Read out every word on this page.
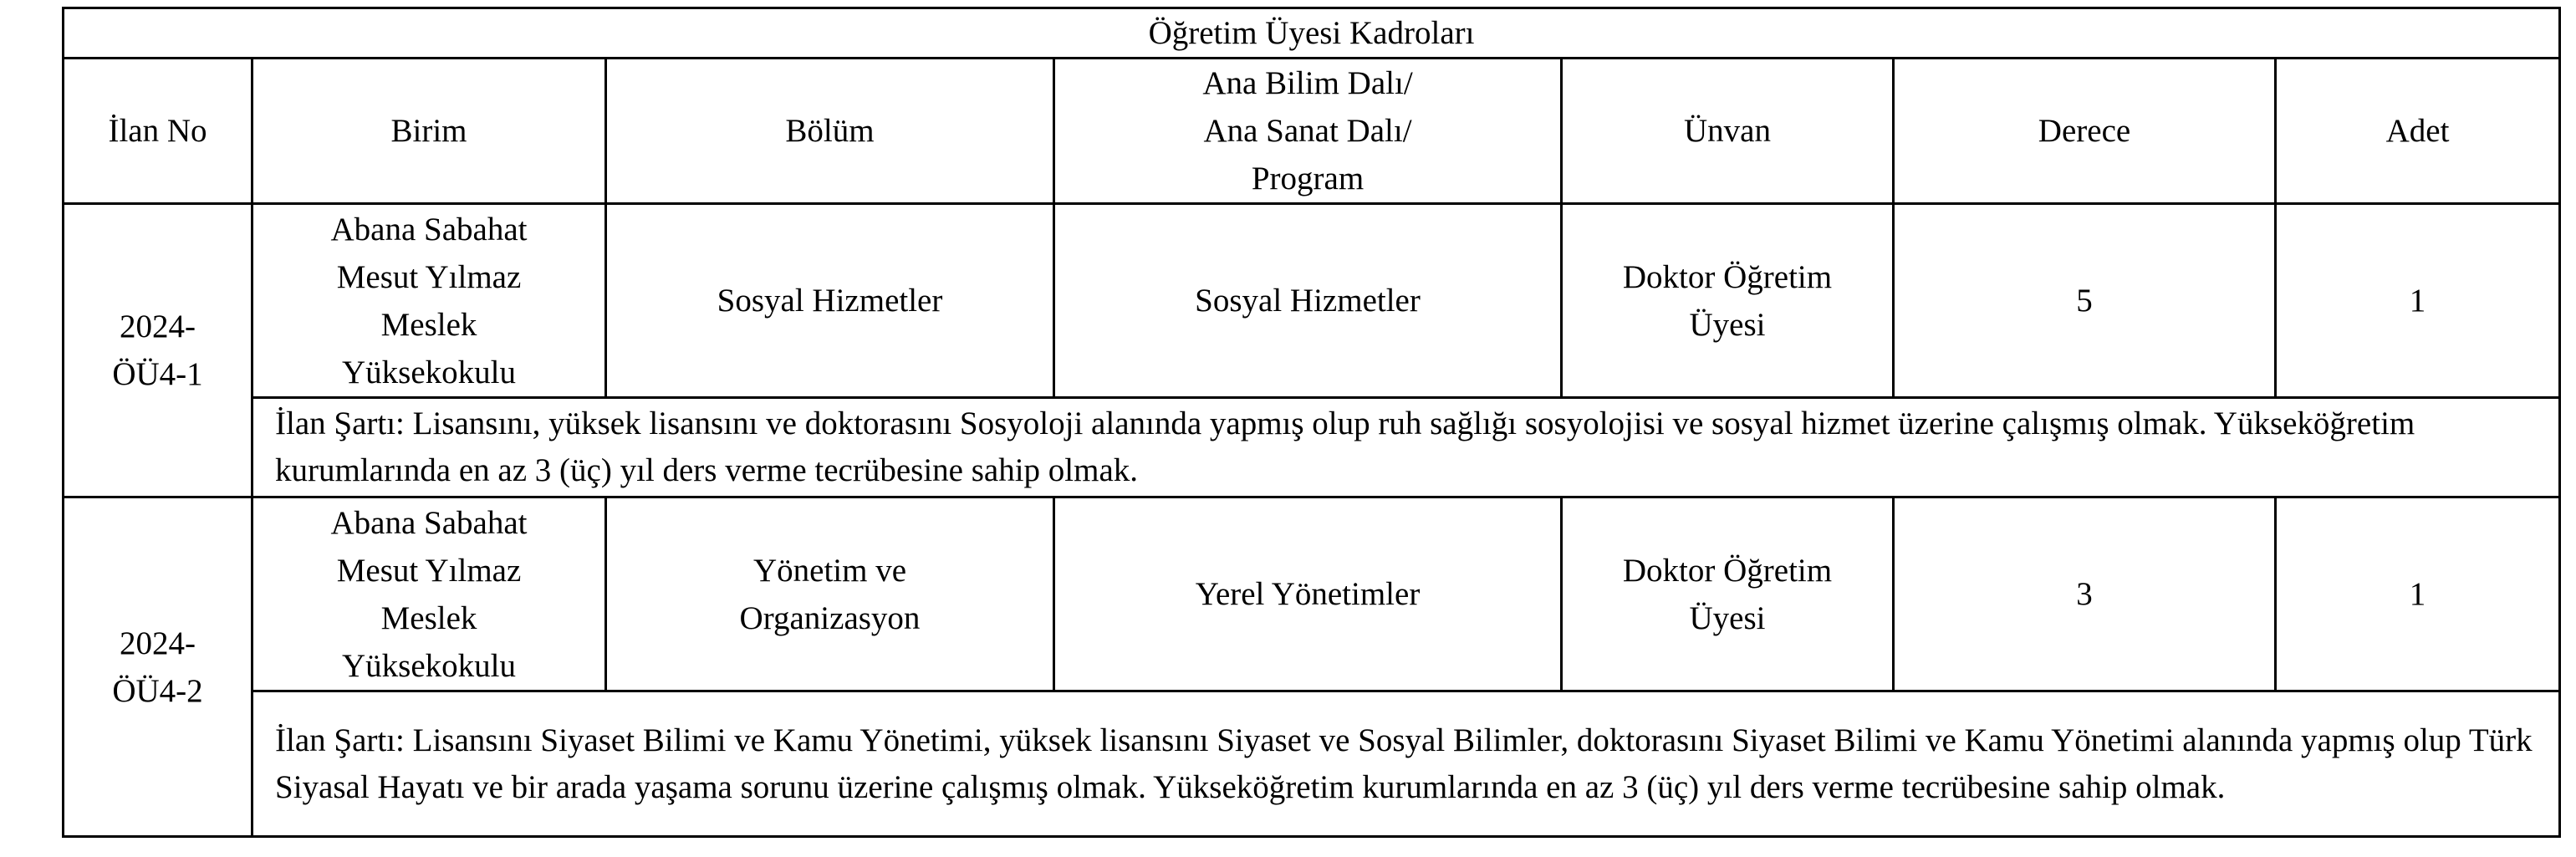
Öğretim Üyesi Kadroları						
İlan No	Birim	Bölüm	Ana Bilim Dalı/
Ana Sanat Dalı/
Program	Ünvan	Derece	Adet
2024-
ÖÜ4-1	Abana Sabahat
Mesut Yılmaz
Meslek
Yüksekokulu	Sosyal Hizmetler	Sosyal Hizmetler	Doktor Öğretim
Üyesi	5	1
	İlan Şartı: Lisansını, yüksek lisansını ve doktorasını Sosyoloji alanında yapmış olup ruh sağlığı sosyolojisi ve sosyal hizmet üzerine çalışmış olmak. Yükseköğretim kurumlarında en az 3 (üç) yıl ders verme tecrübesine sahip olmak.					
2024-
ÖÜ4-2	Abana Sabahat
Mesut Yılmaz
Meslek
Yüksekokulu	Yönetim ve
Organizasyon	Yerel Yönetimler	Doktor Öğretim
Üyesi	3	1
	İlan Şartı: Lisansını Siyaset Bilimi ve Kamu Yönetimi, yüksek lisansını Siyaset ve Sosyal Bilimler, doktorasını Siyaset Bilimi ve Kamu Yönetimi alanında yapmış olup Türk Siyasal Hayatı ve bir arada yaşama sorunu üzerine çalışmış olmak. Yükseköğretim kurumlarında en az 3 (üç) yıl ders verme tecrübesine sahip olmak.					
